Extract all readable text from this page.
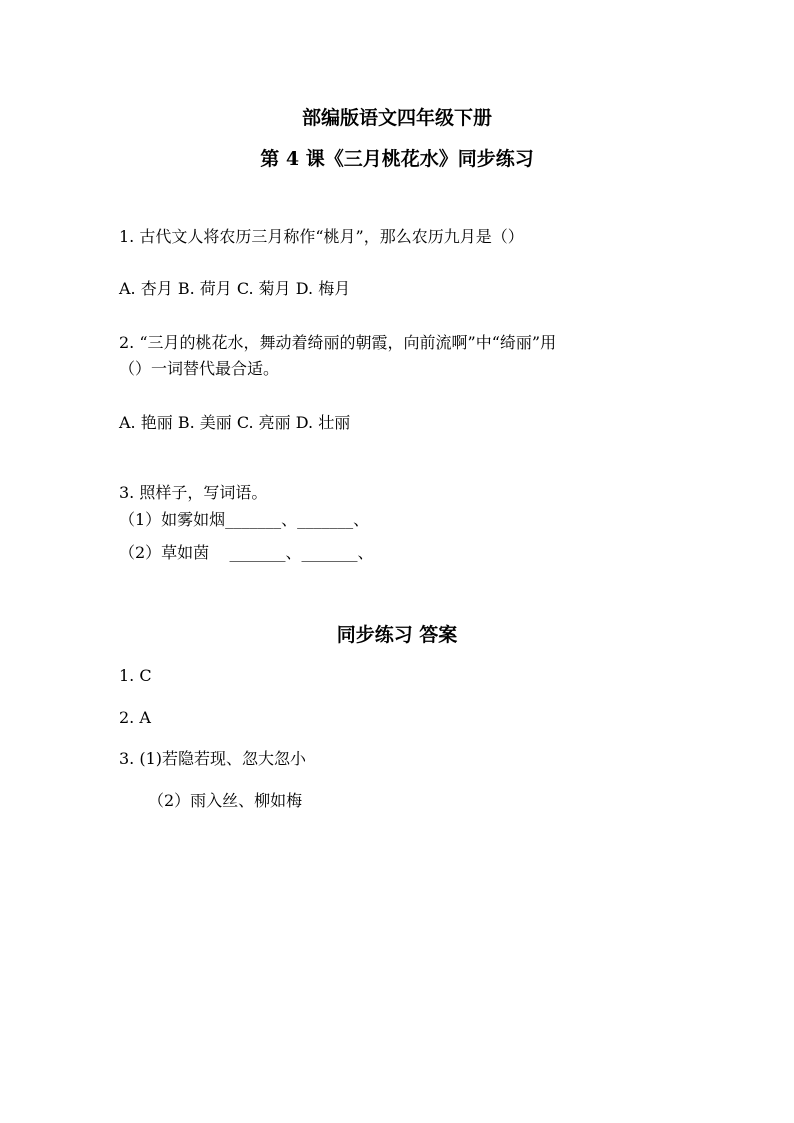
部编版语文四年级下册
第 4 课《三月桃花水》同步练习
1. 古代文人将农历三月称作“桃月”，那么农历九月是（）
A. 杏月 B. 荷月 C. 菊月 D. 梅月
2. “三月的桃花水，舞动着绮丽的朝霞，向前流啊”中“绮丽”用
（）一词替代最合适。
A. 艳丽 B. 美丽 C. 亮丽 D. 壮丽
3. 照样子，写词语。
（1）如雾如烟_______、_______、
（2）草如茵    _______、_______、
同步练习 答案
1. C
2. A
3. (1)若隐若现、忽大忽小
（2）雨入丝、柳如梅
